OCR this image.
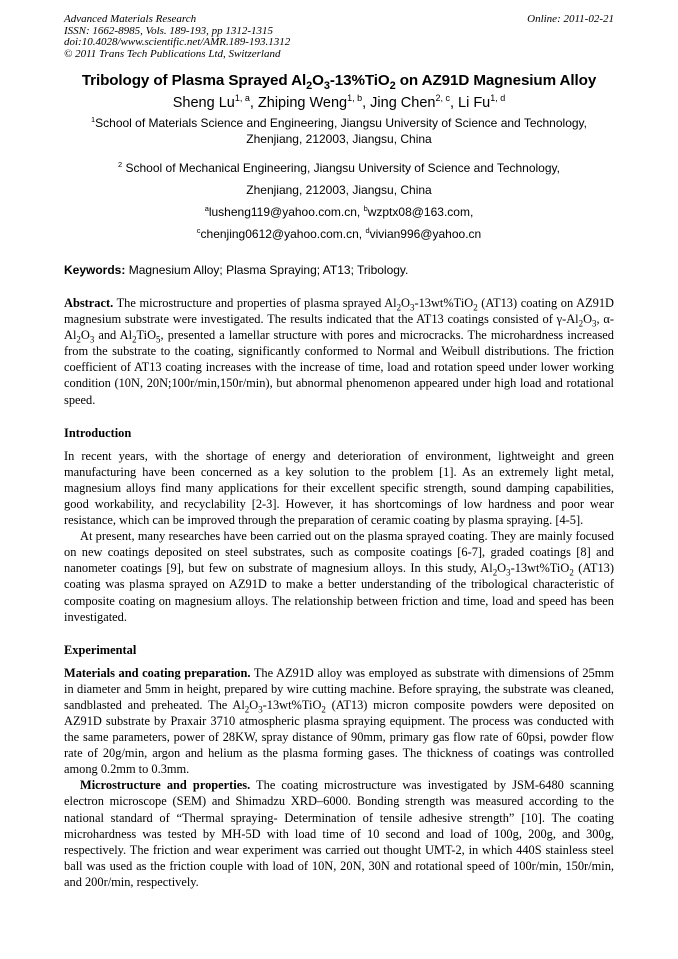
Advanced Materials Research
ISSN: 1662-8985, Vols. 189-193, pp 1312-1315
doi:10.4028/www.scientific.net/AMR.189-193.1312
© 2011 Trans Tech Publications Ltd, Switzerland
Online: 2011-02-21
Tribology of Plasma Sprayed $Al_2O_3-13\%TiO_2$ on AZ91D Magnesium Alloy
Sheng Lu$^{1, a}$, Zhiping Weng$^{1, b}$, Jing Chen$^{2, c}$, Li Fu$^{1, d}$
$^1$School of Materials Science and Engineering, Jiangsu University of Science and Technology,
Zhenjiang, 212003, Jiangsu, China
$^2$ School of Mechanical Engineering, Jiangsu University of Science and Technology,
Zhenjiang, 212003, Jiangsu, China
$^a$lusheng119@yahoo.com.cn, $^b$wzptx08@163.com,
$^c$chenjing0612@yahoo.com.cn, $^d$vivian996@yahoo.cn
Keywords: Magnesium Alloy; Plasma Spraying; AT13; Tribology.

Abstract. The microstructure and properties of plasma sprayed $Al_2O_3-13wt\%TiO_2$ (AT13) coating on AZ91D magnesium substrate were investigated. The results indicated that the AT13 coatings consisted of $\gamma-Al_2O_3$, $\alpha-Al_2O_3$ and $Al_2TiO_5$, presented a lamellar structure with pores and microcracks. The microhardness increased from the substrate to the coating, significantly conformed to Normal and Weibull distributions. The friction coefficient of AT13 coating increases with the increase of time, load and rotation speed under lower working condition (10N, 20N;100r/min,150r/min), but abnormal phenomenon appeared under high load and rotational speed.

Introduction

In recent years, with the shortage of energy and deterioration of environment, lightweight and green manufacturing have been concerned as a key solution to the problem [1]. As an extremely light metal, magnesium alloys find many applications for their excellent specific strength, sound damping capabilities, good workability, and recyclability [2-3]. However, it has shortcomings of low hardness and poor wear resistance, which can be improved through the preparation of ceramic coating by plasma spraying. [4-5].

At present, many researches have been carried out on the plasma sprayed coating. They are mainly focused on new coatings deposited on steel substrates, such as composite coatings [6-7], graded coatings [8] and nanometer coatings [9], but few on substrate of magnesium alloys. In this study, $Al_2O_3-13wt\%TiO_2$ (AT13) coating was plasma sprayed on AZ91D to make a better understanding of the tribological characteristic of composite coating on magnesium alloys. The relationship between friction and time, load and speed has been investigated.

Experimental

Materials and coating preparation. The AZ91D alloy was employed as substrate with dimensions of 25mm in diameter and 5mm in height, prepared by wire cutting machine. Before spraying, the substrate was cleaned, sandblasted and preheated. The $Al_2O_3-13wt\%TiO_2$ (AT13) micron composite powders were deposited on AZ91D substrate by Praxair 3710 atmospheric plasma spraying equipment. The process was conducted with the same parameters, power of 28KW, spray distance of 90mm, primary gas flow rate of 60psi, powder flow rate of 20g/min, argon and helium as the plasma forming gases. The thickness of coatings was controlled among 0.2mm to 0.3mm.

Microstructure and properties. The coating microstructure was investigated by JSM-6480 scanning electron microscope (SEM) and Shimadzu XRD–6000. Bonding strength was measured according to the national standard of “Thermal spraying- Determination of tensile adhesive strength” [10]. The coating microhardness was tested by MH-5D with load time of 10 second and load of 100g, 200g, and 300g, respectively. The friction and wear experiment was carried out thought UMT-2, in which 440S stainless steel ball was used as the friction couple with load of 10N, 20N, 30N and rotational speed of 100r/min, 150r/min, and 200r/min, respectively.
